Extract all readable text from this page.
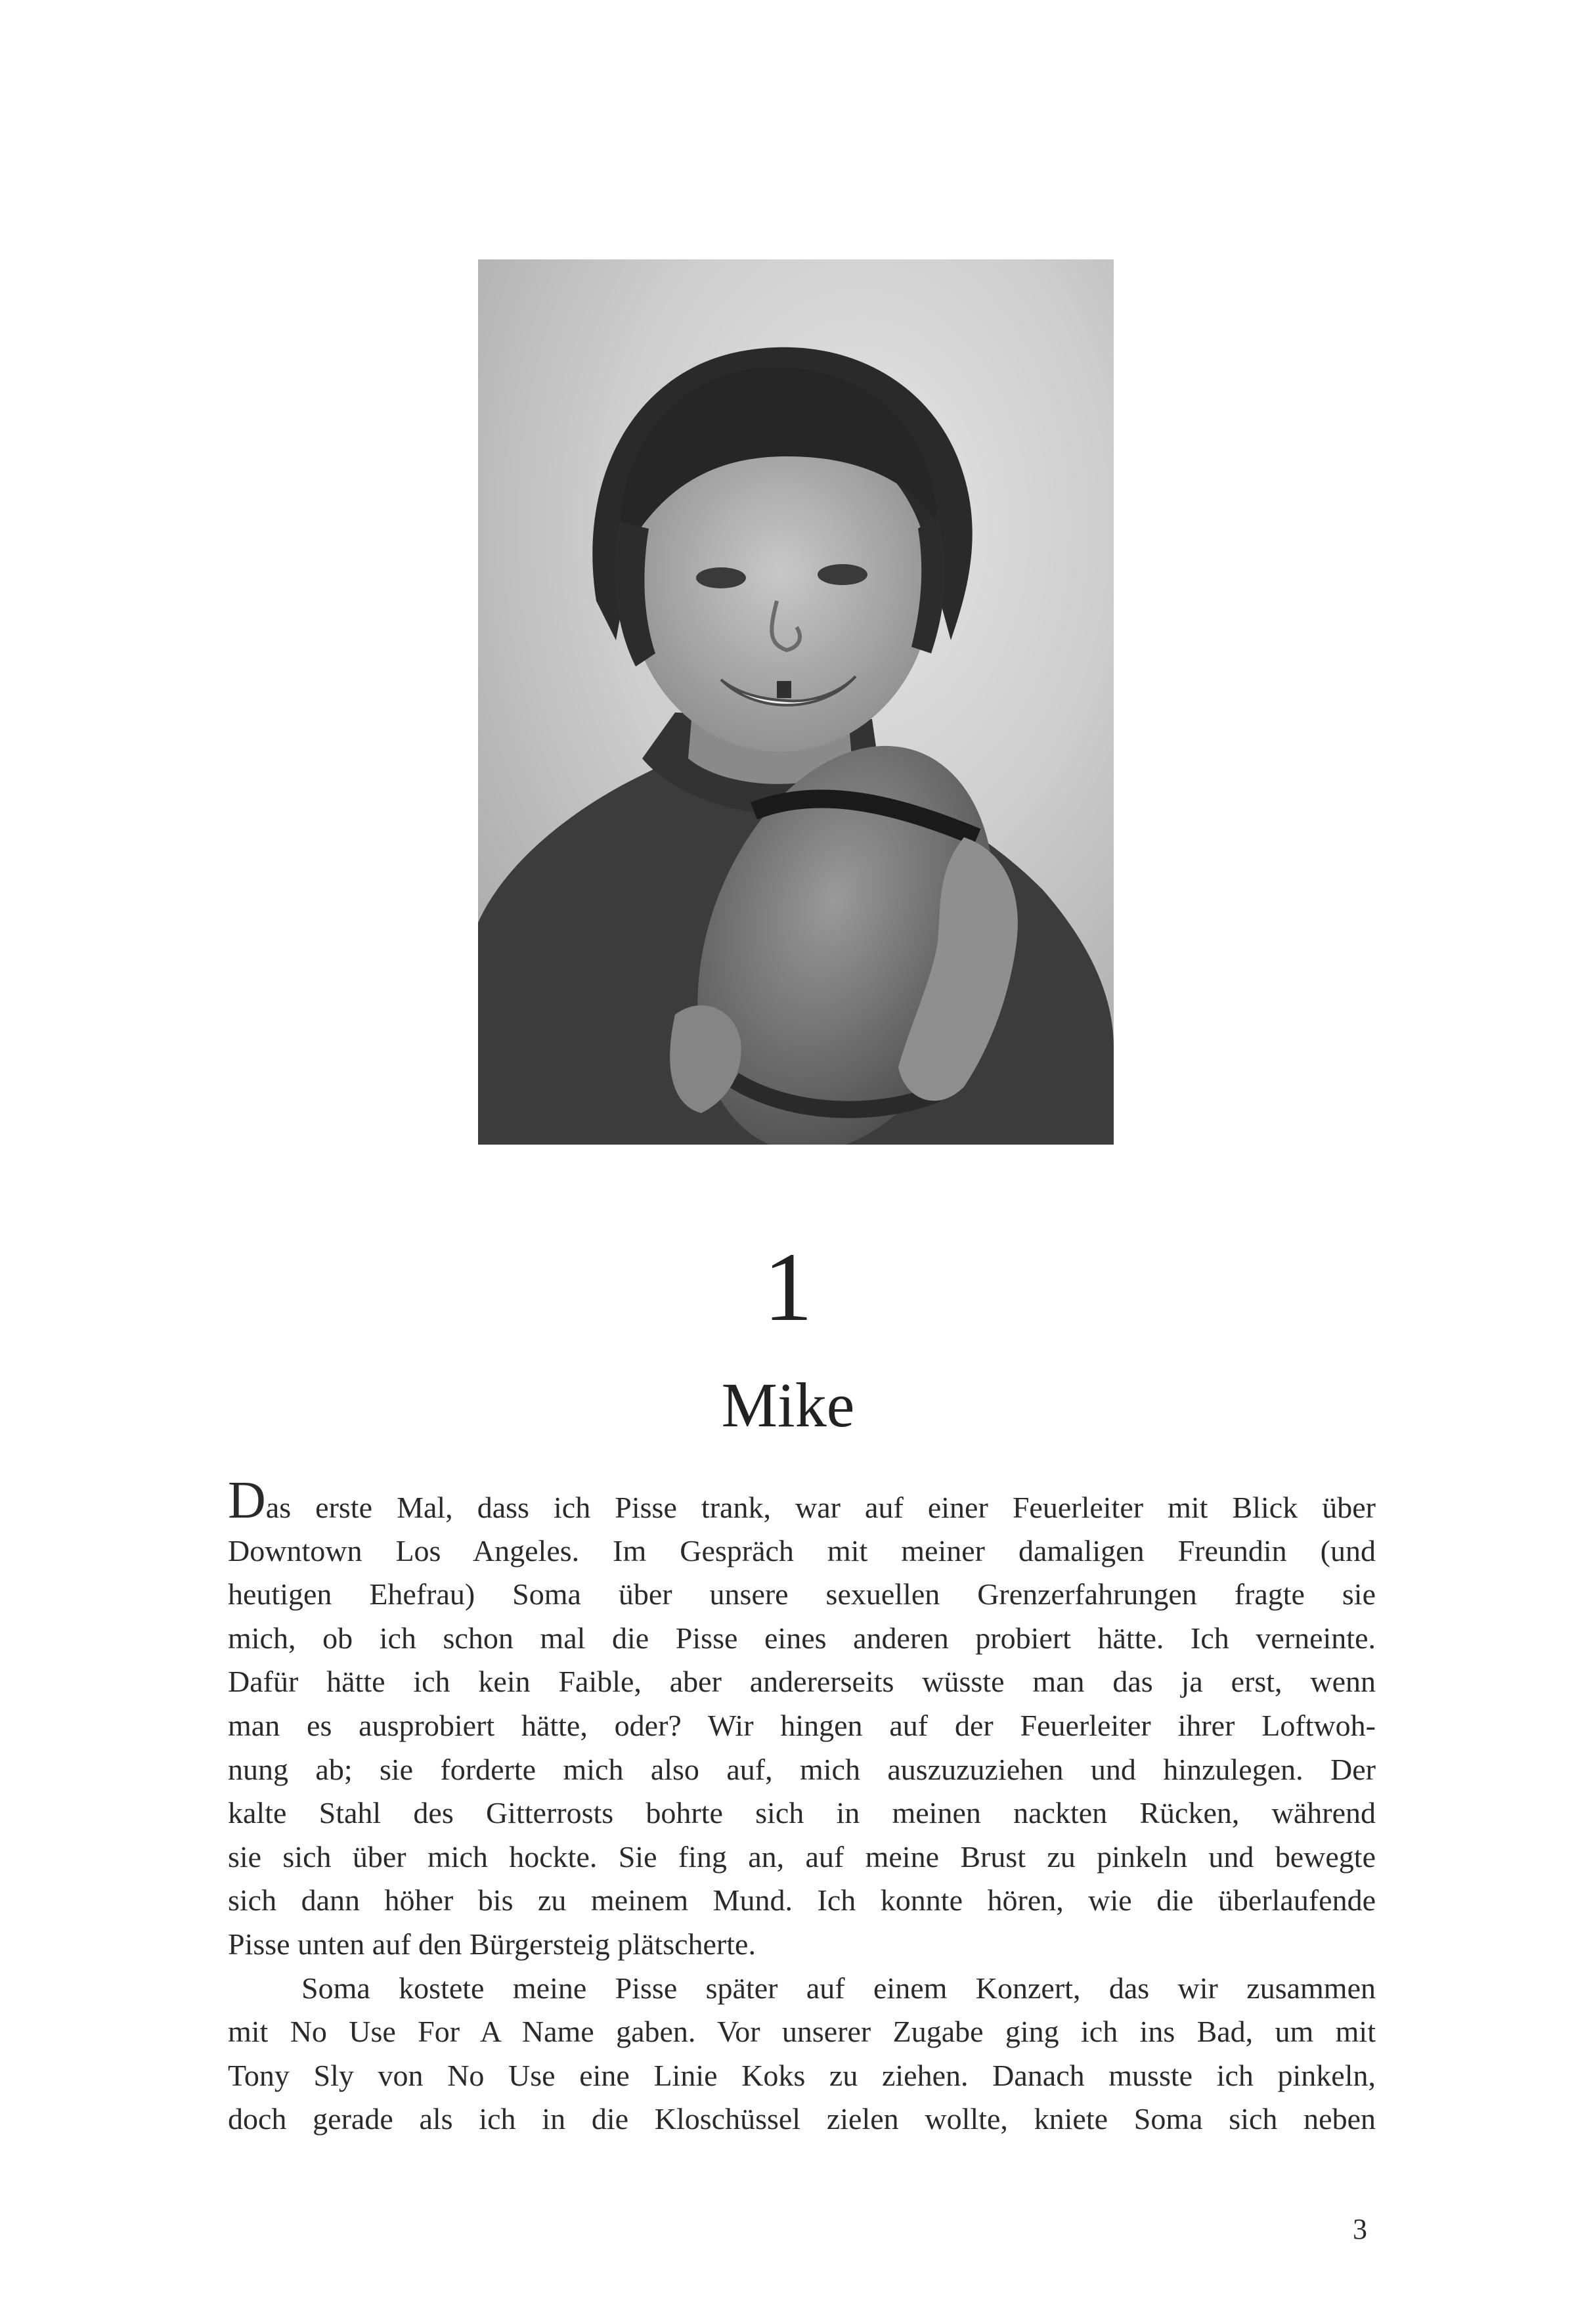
1
Mike
Das erste Mal, dass ich Pisse trank, war auf einer Feuerleiter mit Blick über
Downtown Los Angeles. Im Gespräch mit meiner damaligen Freundin (und
heutigen Ehefrau) Soma über unsere sexuellen Grenzerfahrungen fragte sie
mich, ob ich schon mal die Pisse eines anderen probiert hätte. Ich verneinte.
Dafür hätte ich kein Faible, aber andererseits wüsste man das ja erst, wenn
man es ausprobiert hätte, oder? Wir hingen auf der Feuerleiter ihrer Loftwoh-
nung ab; sie forderte mich also auf, mich auszuzuziehen und hinzulegen. Der
kalte Stahl des Gitterrosts bohrte sich in meinen nackten Rücken, während
sie sich über mich hockte. Sie fing an, auf meine Brust zu pinkeln und bewegte
sich dann höher bis zu meinem Mund. Ich konnte hören, wie die überlaufende
Pisse unten auf den Bürgersteig plätscherte.
Soma kostete meine Pisse später auf einem Konzert, das wir zusammen
mit No Use For A Name gaben. Vor unserer Zugabe ging ich ins Bad, um mit
Tony Sly von No Use eine Linie Koks zu ziehen. Danach musste ich pinkeln,
doch gerade als ich in die Kloschüssel zielen wollte, kniete Soma sich neben
3
